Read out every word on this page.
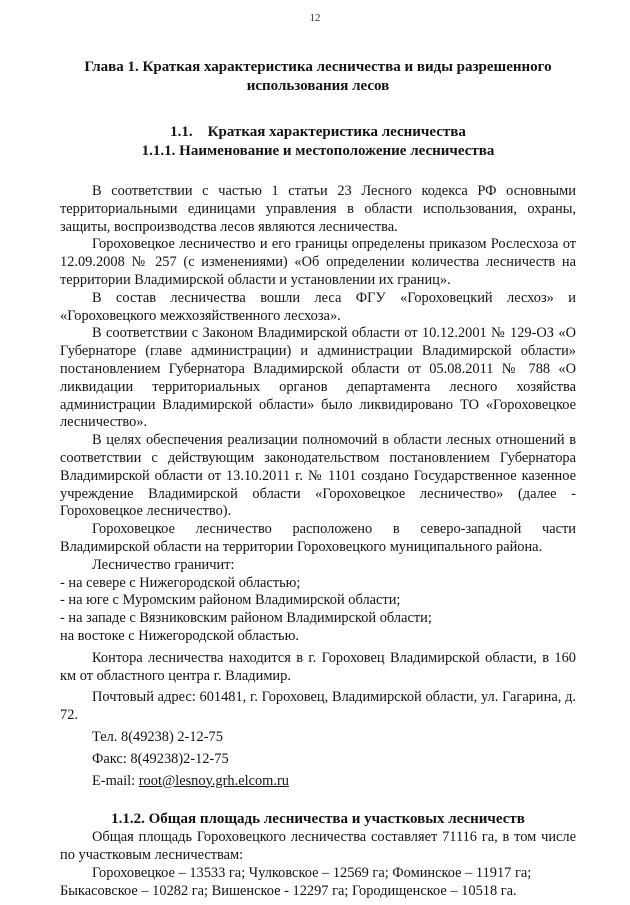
12
Глава 1. Краткая характеристика лесничества и виды разрешенного использования лесов
1.1.    Краткая характеристика лесничества
1.1.1. Наименование и местоположение лесничества

В соответствии с частью 1 статьи 23 Лесного кодекса РФ основными территориальными единицами управления в области использования, охраны, защиты, воспроизводства лесов являются лесничества.

Гороховецкое лесничество и его границы определены приказом Рослесхоза от 12.09.2008 № 257 (с изменениями) «Об определении количества лесничеств на территории Владимирской области и установлении их границ».

В состав лесничества вошли леса ФГУ «Гороховецкий лесхоз» и «Гороховецкого межхозяйственного лесхоза».

В соответствии с Законом Владимирской области от 10.12.2001 № 129-ОЗ «О Губернаторе (главе администрации) и администрации Владимирской области» постановлением Губернатора Владимирской области от 05.08.2011 № 788 «О ликвидации территориальных органов департамента лесного хозяйства администрации Владимирской области» было ликвидировано ТО «Гороховецкое лесничество».

В целях обеспечения реализации полномочий в области лесных отношений в соответствии с действующим законодательством постановлением Губернатора Владимирской области от 13.10.2011 г. № 1101 создано Государственное казенное учреждение Владимирской области «Гороховецкое лесничество» (далее - Гороховецкое лесничество).

Гороховецкое лесничество расположено в северо-западной части Владимирской области на территории Гороховецкого муниципального района.

Лесничество граничит:

- на севере с Нижегородской областью;

- на юге с Муромским районом Владимирской области;

- на западе с Вязниковским районом Владимирской области;

на востоке с Нижегородской областью.

Контора лесничества находится в г. Гороховец Владимирской области, в 160 км от областного центра г. Владимир.

Почтовый адрес: 601481, г. Гороховец, Владимирской области, ул. Гагарина, д. 72.

Тел. 8(49238) 2-12-75

Факс: 8(49238)2-12-75

E-mail: root@lesnoy.grh.elcom.ru

1.1.2. Общая площадь лесничества и участковых лесничеств

Общая площадь Гороховецкого лесничества составляет 71116 га, в том числе по участковым лесничествам:

Гороховецкое – 13533 га; Чулковское – 12569 га; Фоминское – 11917 га;

Быкасовское – 10282 га; Вишенское - 12297 га; Городищенское – 10518 га.
